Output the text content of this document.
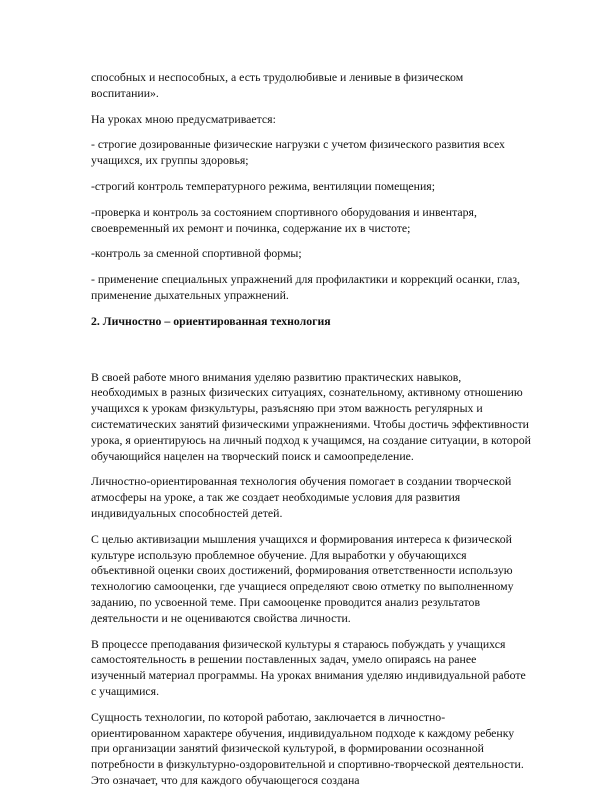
способных и неспособных, а есть трудолюбивые и ленивые в физическом воспитании».

На уроках мною предусматривается:

- строгие дозированные физические нагрузки с учетом физического развития всех учащихся, их группы здоровья;

-строгий контроль температурного режима, вентиляции помещения;

-проверка и контроль за состоянием спортивного оборудования и инвентаря, своевременный их ремонт и починка, содержание их в чистоте;

-контроль за сменной спортивной формы;

- применение специальных упражнений для профилактики и коррекций осанки, глаз, применение дыхательных упражнений.

2. Личностно – ориентированная технология

В своей работе много внимания уделяю развитию практических навыков, необходимых в разных физических ситуациях, сознательному, активному отношению учащихся к урокам физкультуры, разъясняю при этом важность регулярных и систематических занятий физическими упражнениями. Чтобы достичь эффективности урока, я ориентируюсь на личный подход к учащимся, на создание ситуации, в которой обучающийся нацелен на творческий поиск и самоопределение.

Личностно-ориентированная технология обучения помогает в создании творческой атмосферы на уроке, а так же создает необходимые условия для развития индивидуальных способностей детей.

С целью активизации мышления учащихся и формирования интереса к физической культуре использую проблемное обучение. Для выработки у обучающихся объективной оценки своих достижений, формирования ответственности использую технологию самооценки, где учащиеся определяют свою отметку по выполненному заданию, по усвоенной теме. При самооценке проводится анализ результатов деятельности и не оцениваются свойства личности.

В процессе преподавания физической культуры я стараюсь побуждать у учащихся самостоятельность в решении поставленных задач, умело опираясь на ранее изученный материал программы. На уроках внимания уделяю индивидуальной работе с учащимися.

Сущность технологии, по которой работаю, заключается в личностно-ориентированном характере обучения, индивидуальном подходе к каждому ребенку при организации занятий физической культурой, в формировании осознанной потребности в физкультурно-оздоровительной и спортивно-творческой деятельности. Это означает, что для каждого обучающегося создана
